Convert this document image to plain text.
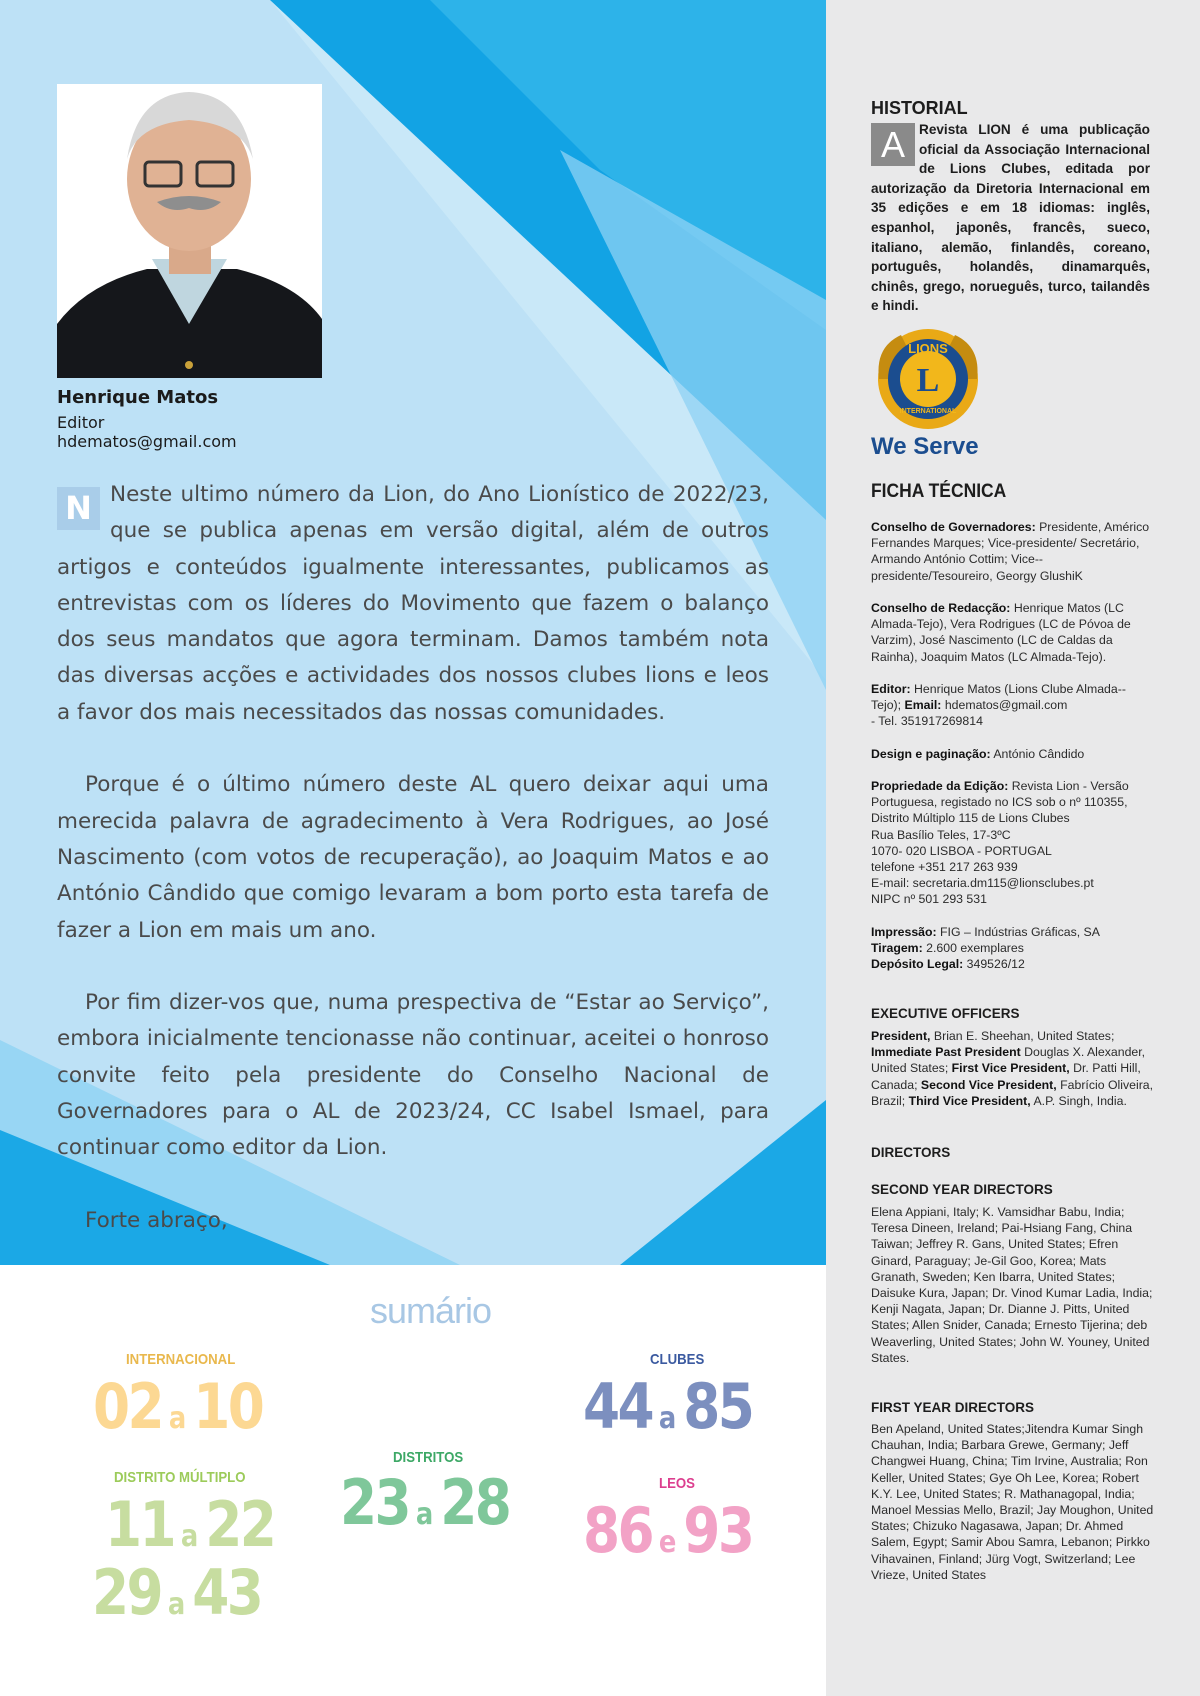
Henrique Matos
Editor
hdematos@gmail.com

N Neste ultimo número da Lion, do Ano Lionístico de 2022/23, que se publica apenas em versão digital, além de outros artigos e conteúdos igualmente interessantes, publicamos as entrevistas com os líderes do Movimento que fazem o balanço dos seus mandatos que agora terminam. Damos também nota das diversas acções e actividades dos nossos clubes lions e leos a favor dos mais necessitados das nossas comunidades.

Porque é o último número deste AL quero deixar aqui uma merecida palavra de agradecimento à Vera Rodrigues, ao José Nascimento (com votos de recuperação), ao Joaquim Matos e ao António Cândido que comigo levaram a bom porto esta tarefa de fazer a Lion em mais um ano.

Por fim dizer-vos que, numa prespectiva de “Estar ao Serviço”, embora inicialmente tencionasse não continuar, aceitei o honroso convite feito pela presidente do Conselho Nacional de Governadores para o AL de 2023/24, CC Isabel Ismael, para continuar como editor da Lion.

Forte abraço,

sumário
INTERNACIONAL
02 a 10
DISTRITO MÚLTIPLO
11 a 22
29 a 43
DISTRITOS
23 a 28
CLUBES
44 a 85
LEOS
86 e 93
HISTORIAL
Revista LION é uma publicação oficial da Associação Internacional de Lions Clubes, editada por autorização da Diretoria Internacional em 35 edições e em 18 idiomas: inglês, espanhol, japonês, francês, sueco, italiano, alemão, finlandês, coreano, português, holandês, dinamarquês, chinês, grego, norueguês, turco, tailandês e hindi.
A
LIONS
L
INTERNATIONAL
We Serve
FICHA TÉCNICA
Conselho de Governadores: Presidente, Américo Fernandes Marques; Vice-presidente/ Secretário, Armando António Cottim; Vice--presidente/Tesoureiro, Georgy GlushiK
Conselho de Redacção: Henrique Matos (LC Almada-Tejo), Vera Rodrigues (LC de Póvoa de Varzim), José Nascimento (LC de Caldas da Rainha), Joaquim Matos (LC Almada-Tejo).
Editor: Henrique Matos (Lions Clube Almada--Tejo); Email: hdematos@gmail.com
- Tel. 351917269814
Design e paginação: António Cândido
Propriedade da Edição: Revista Lion - Versão Portuguesa, registado no ICS sob o nº 110355, Distrito Múltiplo 115 de Lions Clubes
Rua Basílio Teles, 17-3ºC
1070- 020 LISBOA - PORTUGAL
telefone +351 217 263 939
E-mail: secretaria.dm115@lionsclubes.pt
NIPC nº 501 293 531
Impressão: FIG – Indústrias Gráficas, SA
Tiragem: 2.600 exemplares
Depósito Legal: 349526/12
EXECUTIVE OFFICERS
President, Brian E. Sheehan, United States; Immediate Past President Douglas X. Alexander, United States; First Vice President, Dr. Patti Hill, Canada; Second Vice President, Fabrício Oliveira, Brazil; Third Vice President, A.P. Singh, India.
DIRECTORS
SECOND YEAR DIRECTORS
Elena Appiani, Italy; K. Vamsidhar Babu, India; Teresa Dineen, Ireland; Pai-Hsiang Fang, China Taiwan; Jeffrey R. Gans, United States; Efren Ginard, Paraguay; Je-Gil Goo, Korea; Mats Granath, Sweden; Ken Ibarra, United States; Daisuke Kura, Japan; Dr. Vinod Kumar Ladia, India; Kenji Nagata, Japan; Dr. Dianne J. Pitts, United States; Allen Snider, Canada; Ernesto Tijerina; deb Weaverling, United States; John W. Youney, United States.
FIRST YEAR DIRECTORS
Ben Apeland, United States;Jitendra Kumar Singh Chauhan, India; Barbara Grewe, Germany; Jeff Changwei Huang, China; Tim Irvine, Australia; Ron Keller, United States; Gye Oh Lee, Korea; Robert K.Y. Lee, United States; R. Mathanagopal, India; Manoel Messias Mello, Brazil; Jay Moughon, United States; Chizuko Nagasawa, Japan; Dr. Ahmed Salem, Egypt; Samir Abou Samra, Lebanon; Pirkko Vihavainen, Finland; Jürg Vogt, Switzerland; Lee Vrieze, United States
